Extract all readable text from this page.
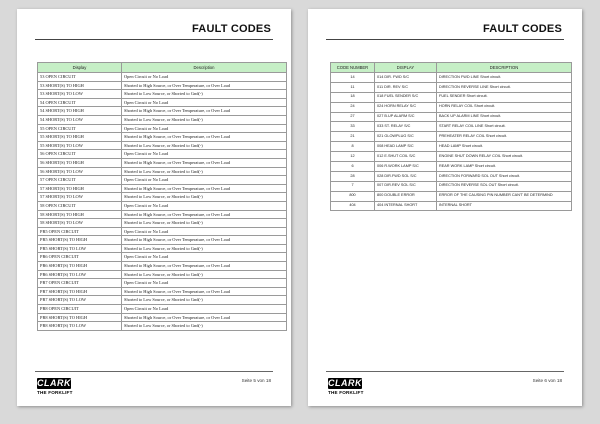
FAULT CODES
Display	Description
53 OPEN CIRCUIT	Open Circuit or No Load
53 SHORT(S) TO HIGH	Shorted to High Source, or Over Temperature, or Over Load
53 SHORT(S) TO LOW	Shorted to Low Source, or Shorted to Gnd(-)
54 OPEN CIRCUIT	Open Circuit or No Load
54 SHORT(S) TO HIGH	Shorted to High Source, or Over Temperature, or Over Load
54 SHORT(S) TO LOW	Shorted to Low Source, or Shorted to Gnd(-)
55 OPEN CIRCUIT	Open Circuit or No Load
55 SHORT(S) TO HIGH	Shorted to High Source, or Over Temperature, or Over Load
55 SHORT(S) TO LOW	Shorted to Low Source, or Shorted to Gnd(-)
56 OPEN CIRCUIT	Open Circuit or No Load
56 SHORT(S) TO HIGH	Shorted to High Source, or Over Temperature, or Over Load
56 SHORT(S) TO LOW	Shorted to Low Source, or Shorted to Gnd(-)
57 OPEN CIRCUIT	Open Circuit or No Load
57 SHORT(S) TO HIGH	Shorted to High Source, or Over Temperature, or Over Load
57 SHORT(S) TO LOW	Shorted to Low Source, or Shorted to Gnd(-)
58 OPEN CIRCUIT	Open Circuit or No Load
58 SHORT(S) TO HIGH	Shorted to High Source, or Over Temperature, or Over Load
58 SHORT(S) TO LOW	Shorted to Low Source, or Shorted to Gnd(-)
PR5 OPEN CIRCUIT	Open Circuit or No Load
PR5 SHORT(S) TO HIGH	Shorted to High Source, or Over Temperature, or Over Load
PR5 SHORT(S) TO LOW	Shorted to Low Source, or Shorted to Gnd(-)
PR6 OPEN CIRCUIT	Open Circuit or No Load
PR6 SHORT(S) TO HIGH	Shorted to High Source, or Over Temperature, or Over Load
PR6 SHORT(S) TO LOW	Shorted to Low Source, or Shorted to Gnd(-)
PR7 OPEN CIRCUIT	Open Circuit or No Load
PR7 SHORT(S) TO HIGH	Shorted to High Source, or Over Temperature, or Over Load
PR7 SHORT(S) TO LOW	Shorted to Low Source, or Shorted to Gnd(-)
PR8 OPEN CIRCUIT	Open Circuit or No Load
PR8 SHORT(S) TO HIGH	Shorted to High Source, or Over Temperature, or Over Load
PR8 SHORT(S) TO LOW	Shorted to Low Source, or Shorted to Gnd(-)
CLARK
THE FORKLIFT
Seite 5 von 18
FAULT CODES
CODE NUMBER	DISPLAY	DESCRIPTION
14	014 DIR. FWD S/C	DIRECTION FWD LINE Short circuit.
11	011 DIR. REV S/C	DIRECTION REVERSE LINE Short circuit.
18	018 FUEL SENDER S/C	FUEL SENDER Short circuit.
24	024 HORN RELAY S/C	HORN RELAY COIL Short circuit.
27	027 B.UP ALARM S/C	BACK UP ALARM LINE Short circuit.
33	033 ST. RELAY S/C	START RELAY COIL LINE Short circuit.
21	021 GLOWPLUG S/C	PREHEATER RELAY COIL Short circuit.
8	008 HEAD LAMP S/C	HEAD LAMP Short circuit.
12	012 E.SHUT COIL S/C	ENGINE SHUT DOWN RELAY COIL Short circuit.
6	006 R.WORK LAMP S/C	REAR WORK LAMP Short circuit.
28	028 DIR.FWD SOL S/C	DIRECTION FORWARD SOL OUT Short circuit.
7	007 DIR.REV SOL S/C	DIRECTION REVERSE SOL OUT Short circuit.
800	800 DOUBLE ERROR	ERROR OF THE CAUSING PIN NUMBER CAN'T BE DETERMIND
404	404 INTERNAL SHORT	INTERNAL SHORT
CLARK
THE FORKLIFT
Seite 6 von 18
